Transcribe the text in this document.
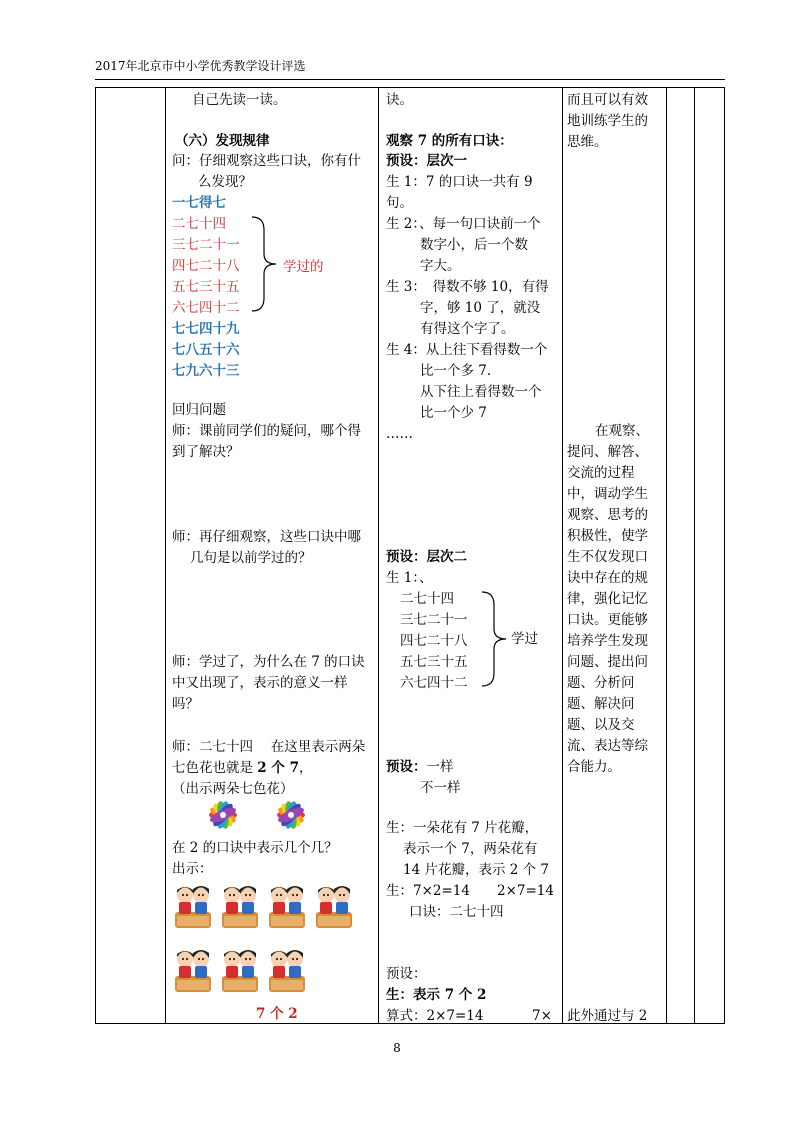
2017年北京市中小学优秀教学设计评选
自己先读一读。
（六）发现规律
问：仔细观察这些口诀，你有什
么发现？
一七得七
二七十四
三七二十一
四七二十八
五七三十五
六七四十二
七七四十九
七八五十六
七九六十三
学过的
回归问题
师：课前同学们的疑问，哪个得
到了解决？
师：再仔细观察，这些口诀中哪
几句是以前学过的？
师：学过了，为什么在 7 的口诀
中又出现了，表示的意义一样
吗？
师：二七十四　 在这里表示两朵
七色花也就是 2 个 7，
（出示两朵七色花）
在 2 的口诀中表示几个几？
出示：
7 个 2
诀。
观察 7 的所有口诀：
预设：层次一
生 1：7 的口诀一共有 9
句。
生 2：、每一句口诀前一个
数字小，后一个数
字大。
生 3：　得数不够 10，有得
字，够 10 了，就没
有得这个字了。
生 4：从上往下看得数一个
比一个多 7.
从下往上看得数一个
比一个少 7
……
预设：层次二
生 1：、
二七十四
三七二十一
四七二十八
五七三十五
六七四十二
学过
预设：一样
不一样
生：一朵花有 7 片花瓣，
表示一个 7，两朵花有
14 片花瓣，表示 2 个 7
生：7×2=14　　2×7=14
口诀：二七十四
预设：
生：表示 7 个 2
算式：2×7=14	7×
而且可以有效
地训练学生的
思维。
在观察、
提问、解答、
交流的过程
中，调动学生
观察、思考的
积极性，使学
生不仅发现口
诀中存在的规
律，强化记忆
口诀。更能够
培养学生发现
问题、提出问
题、分析问
题、解决问
题、以及交
流、表达等综
合能力。
此外通过与 2
8
